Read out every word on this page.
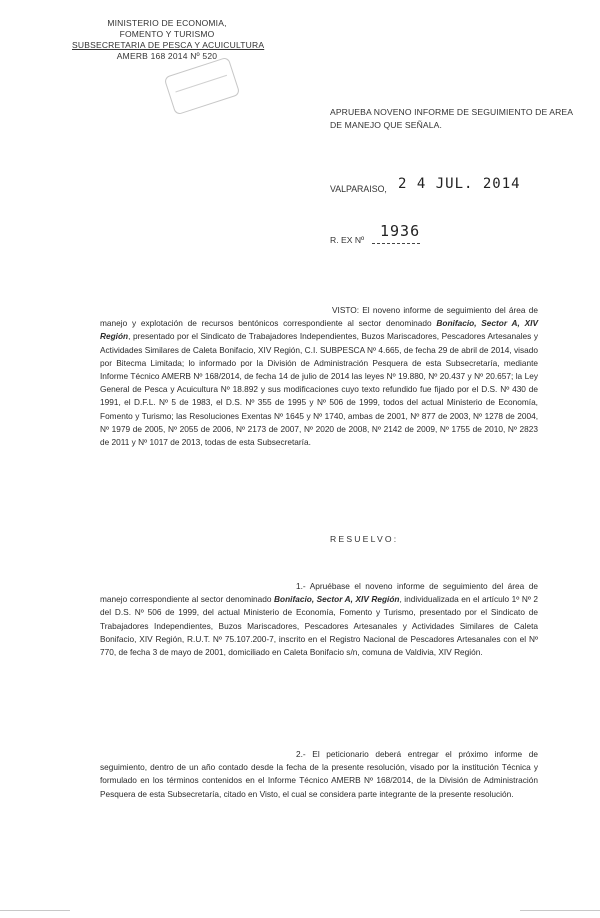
MINISTERIO DE ECONOMIA,
FOMENTO Y TURISMO
SUBSECRETARIA DE PESCA Y ACUICULTURA
AMERB 168 2014 Nº 520
APRUEBA NOVENO INFORME DE SEGUIMIENTO DE AREA DE MANEJO QUE SEÑALA.
VALPARAISO, 2 4 JUL. 2014
R. EX Nº 1936

VISTO: El noveno informe de seguimiento del área de manejo y explotación de recursos bentónicos correspondiente al sector denominado Bonifacio, Sector A, XIV Región, presentado por el Sindicato de Trabajadores Independientes, Buzos Mariscadores, Pescadores Artesanales y Actividades Similares de Caleta Bonifacio, XIV Región, C.I. SUBPESCA Nº 4.665, de fecha 29 de abril de 2014, visado por Bitecma Limitada; lo informado por la División de Administración Pesquera de esta Subsecretaría, mediante Informe Técnico AMERB Nº 168/2014, de fecha 14 de julio de 2014 las leyes Nº 19.880, Nº 20.437 y Nº 20.657; la Ley General de Pesca y Acuicultura Nº 18.892 y sus modificaciones cuyo texto refundido fue fijado por el D.S. Nº 430 de 1991, el D.F.L. Nº 5 de 1983, el D.S. Nº 355 de 1995 y Nº 506 de 1999, todos del actual Ministerio de Economía, Fomento y Turismo; las Resoluciones Exentas Nº 1645 y Nº 1740, ambas de 2001, Nº 877 de 2003, Nº 1278 de 2004, Nº 1979 de 2005, Nº 2055 de 2006, Nº 2173 de 2007, Nº 2020 de 2008, Nº 2142 de 2009, Nº 1755 de 2010, Nº 2823 de 2011 y Nº 1017 de 2013, todas de esta Subsecretaría.

RESUELVO:

1.- Apruébase el noveno informe de seguimiento del área de manejo correspondiente al sector denominado Bonifacio, Sector A, XIV Región, individualizada en el artículo 1º Nº 2 del D.S. Nº 506 de 1999, del actual Ministerio de Economía, Fomento y Turismo, presentado por el Sindicato de Trabajadores Independientes, Buzos Mariscadores, Pescadores Artesanales y Actividades Similares de Caleta Bonifacio, XIV Región, R.U.T. Nº 75.107.200-7, inscrito en el Registro Nacional de Pescadores Artesanales con el Nº 770, de fecha 3 de mayo de 2001, domiciliado en Caleta Bonifacio s/n, comuna de Valdivia, XIV Región.

2.- El peticionario deberá entregar el próximo informe de seguimiento, dentro de un año contado desde la fecha de la presente resolución, visado por la institución Técnica y formulado en los términos contenidos en el Informe Técnico AMERB Nº 168/2014, de la División de Administración Pesquera de esta Subsecretaría, citado en Visto, el cual se considera parte integrante de la presente resolución.
